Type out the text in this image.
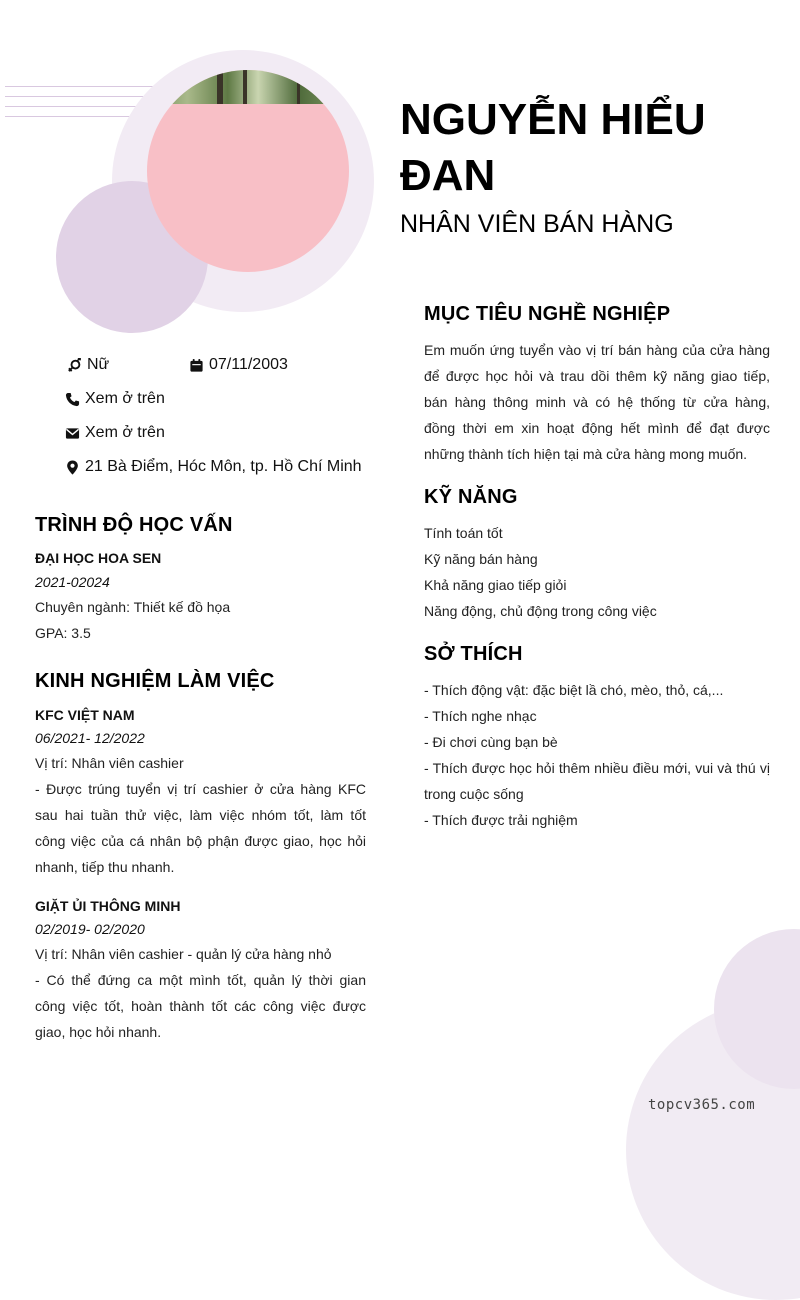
NGUYỄN HIỂU ĐAN
NHÂN VIÊN BÁN HÀNG
Nữ	07/11/2003
Xem ở trên
Xem ở trên
21 Bà Điểm, Hóc Môn, tp. Hồ Chí Minh
TRÌNH ĐỘ HỌC VẤN
ĐẠI HỌC HOA SEN
2021-02024
Chuyên ngành: Thiết kế đồ họa
GPA: 3.5
KINH NGHIỆM LÀM VIỆC
KFC VIỆT NAM
06/2021- 12/2022
Vị trí: Nhân viên cashier
- Được trúng tuyển vị trí cashier ở cửa hàng KFC sau hai tuần thử việc, làm việc nhóm tốt, làm tốt công việc của cá nhân bộ phận được giao, học hỏi nhanh, tiếp thu nhanh.
GIẶT ỦI THÔNG MINH
02/2019- 02/2020
Vị trí: Nhân viên cashier - quản lý cửa hàng nhỏ
- Có thể đứng ca một mình tốt, quản lý thời gian công việc tốt, hoàn thành tốt các công việc được giao, học hỏi nhanh.
MỤC TIÊU NGHỀ NGHIỆP
Em muốn ứng tuyển vào vị trí bán hàng của cửa hàng để được học hỏi và trau dồi thêm kỹ năng giao tiếp, bán hàng thông minh và có hệ thống từ cửa hàng, đồng thời em xin hoạt động hết mình để đạt được những thành tích hiện tại mà cửa hàng mong muốn.
KỸ NĂNG
Tính toán tốt
Kỹ năng bán hàng
Khả năng giao tiếp giỏi
Năng động, chủ động trong công việc
SỞ THÍCH
- Thích động vật: đặc biệt lầ chó, mèo, thỏ, cá,...
- Thích nghe nhạc
- Đi chơi cùng bạn bè
- Thích được học hỏi thêm nhiều điều mới, vui và thú vị trong cuộc sống
- Thích được trải nghiệm
topcv365.com
